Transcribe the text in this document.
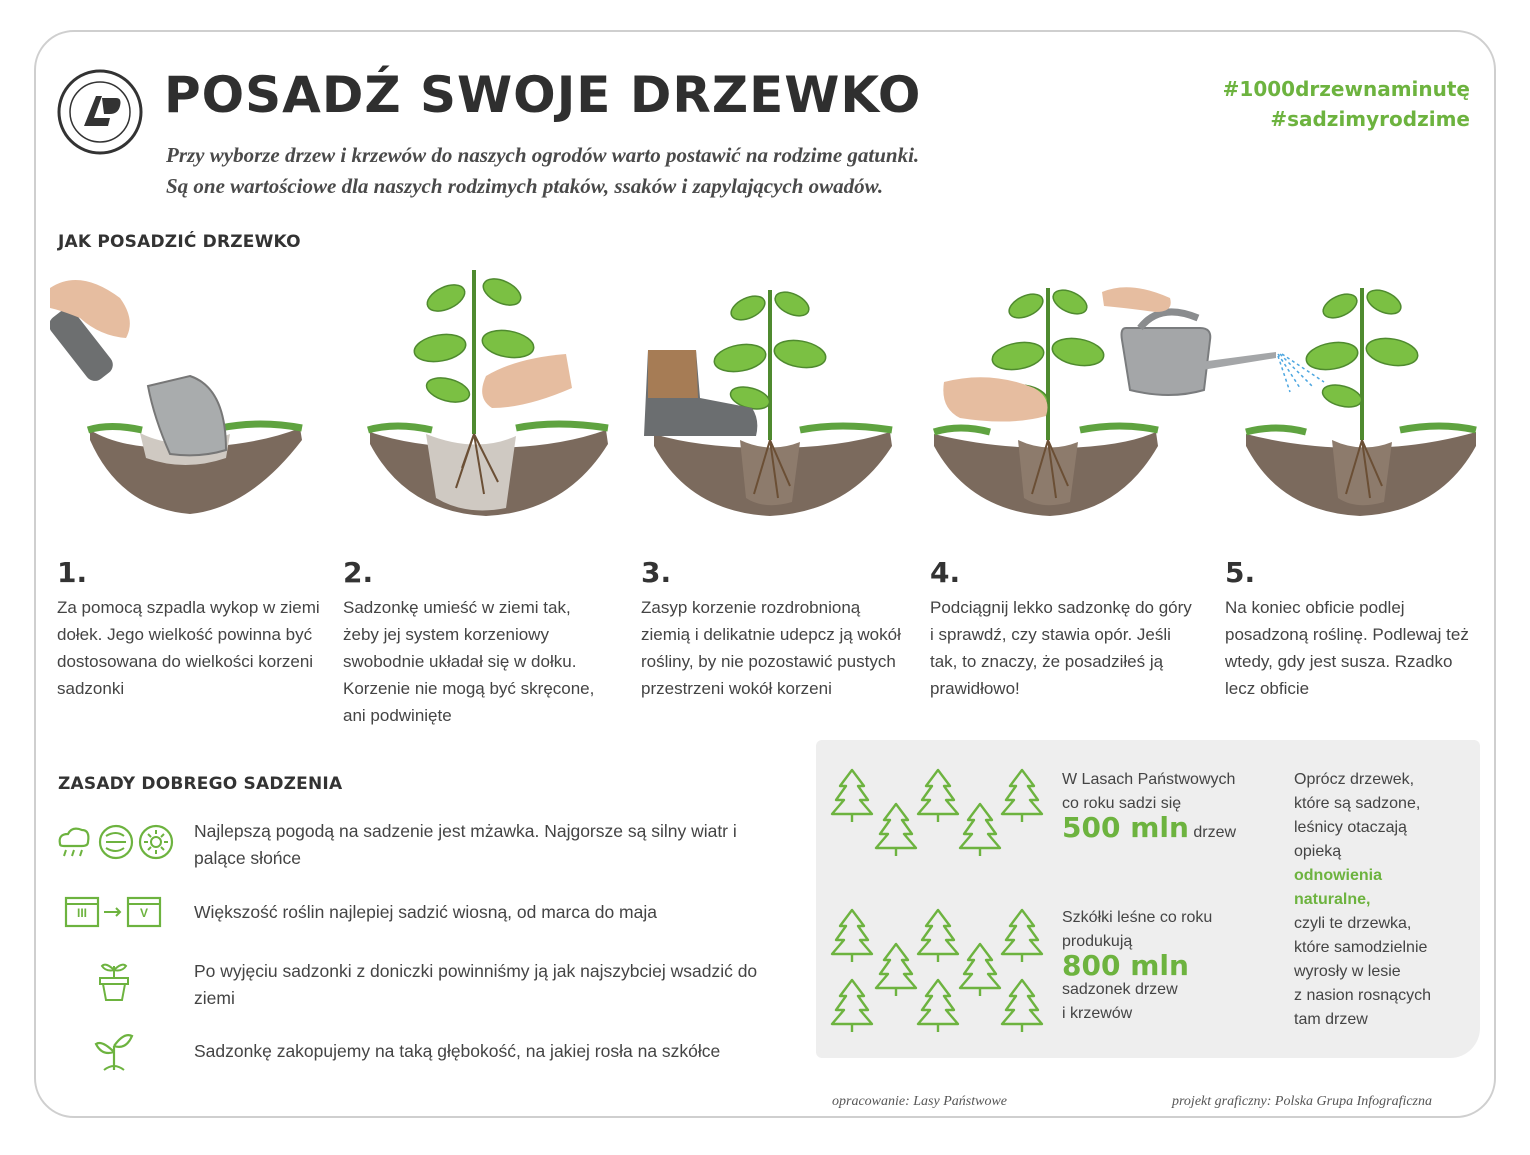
POSADŹ SWOJE DRZEWKO	#1000drzewnaminutę
#sadzimyrodzime
Przy wyborze drzew i krzewów do naszych ogrodów warto postawić na rodzime gatunki.
Są one wartościowe dla naszych rodzimych ptaków, ssaków i zapylających owadów.
JAK POSADZIĆ DRZEWKO
1.
Za pomocą szpadla wykop w ziemi dołek. Jego wielkość powinna być dostosowana do wielkości korzeni sadzonki
2.
Sadzonkę umieść w ziemi tak, żeby jej system korzeniowy swobodnie układał się w dołku. Korzenie nie mogą być skręcone, ani podwinięte
3.
Zasyp korzenie rozdrobnioną ziemią i delikatnie udepcz ją wokół rośliny, by nie pozostawić pustych przestrzeni wokół korzeni
4.
Podciągnij lekko sadzonkę do góry i sprawdź, czy stawia opór. Jeśli tak, to znaczy, że posadziłeś ją prawidłowo!
5.
Na koniec obficie podlej posadzoną roślinę. Podlewaj też wtedy, gdy jest susza. Rzadko lecz obficie
ZASADY DOBREGO SADZENIA
Najlepszą pogodą na sadzenie jest mżawka. Najgorsze są silny wiatr i palące słońce
III	V	Większość roślin najlepiej sadzić wiosną, od marca do maja
Po wyjęciu sadzonki z doniczki powinniśmy ją jak najszybciej wsadzić do ziemi
Sadzonkę zakopujemy na taką głębokość, na jakiej rosła na szkółce
W Lasach Państwowych
co roku sadzi się
500 mln drzew
Szkółki leśne co roku
produkują
800 mln
sadzonek drzew
i krzewów
Oprócz drzewek,
które są sadzone,
leśnicy otaczają
opieką
odnowienia
naturalne,
czyli te drzewka,
które samodzielnie
wyrosły w lesie
z nasion rosnących
tam drzew
opracowanie: Lasy Państwowe	projekt graficzny: Polska Grupa Infograficzna
